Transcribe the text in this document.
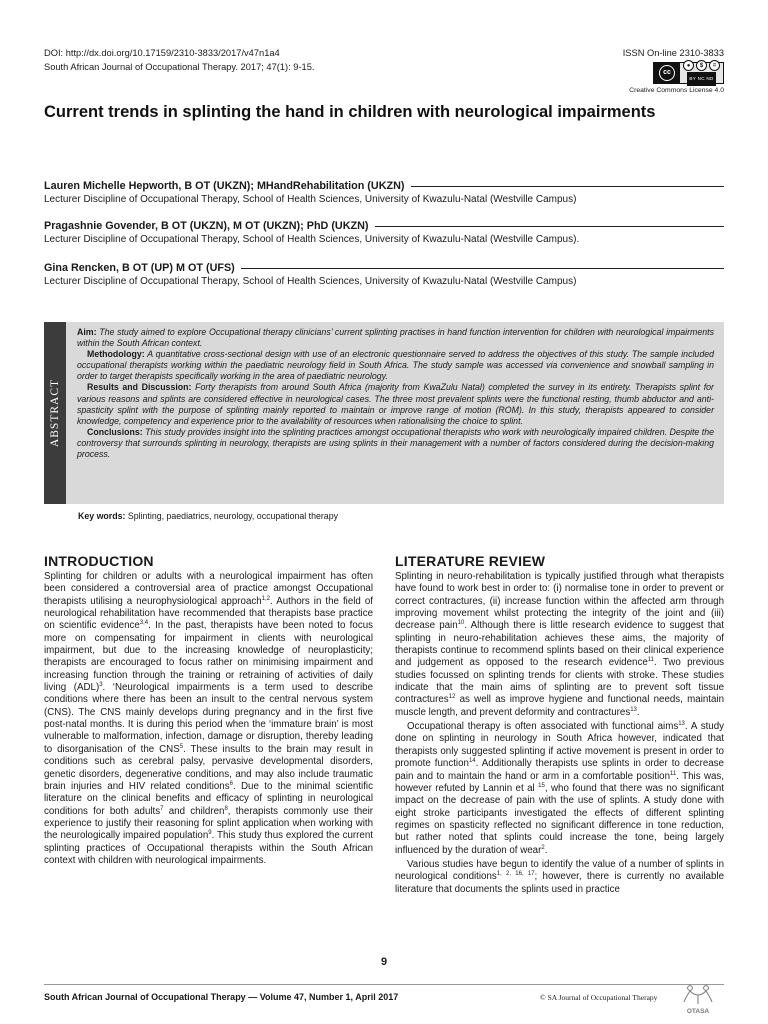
DOI: http://dx.doi.org/10.17159/2310-3833/2017/v47n1a4
South African Journal of Occupational Therapy. 2017; 47(1): 9-15.
ISSN On-line 2310-3833
cc
●	$	=
BY NC ND
Creative Commons License 4.0
Current trends in splinting the hand in children with neurological impairments
Lauren Michelle Hepworth, B OT (UKZN); MHandRehabilitation (UKZN)
Lecturer Discipline of Occupational Therapy, School of Health Sciences, University of Kwazulu-Natal (Westville Campus)
Pragashnie Govender, B OT (UKZN), M OT (UKZN); PhD (UKZN)
Lecturer Discipline of Occupational Therapy, School of Health Sciences, University of Kwazulu-Natal (Westville Campus).
Gina Rencken, B OT (UP) M OT (UFS)
Lecturer Discipline of Occupational Therapy, School of Health Sciences, University of Kwazulu-Natal (Westville Campus)
ABSTRACT

Aim: The study aimed to explore Occupational therapy clinicians’ current splinting practises in hand function intervention for children with neurological impairments within the South African context.

Methodology: A quantitative cross-sectional design with use of an electronic questionnaire served to address the objectives of this study. The sample included occupational therapists working within the paediatric neurology field in South Africa. The study sample was accessed via convenience and snowball sampling in order to target therapists specifically working in the area of paediatric neurology.

Results and Discussion: Forty therapists from around South Africa (majority from KwaZulu Natal) completed the survey in its entirety. Therapists splint for various reasons and splints are considered effective in neurological cases. The three most prevalent splints were the functional resting, thumb abductor and anti-spasticity splint with the purpose of splinting mainly reported to maintain or improve range of motion (ROM). In this study, therapists appeared to consider knowledge, competency and experience prior to the availability of resources when rationalising the choice to splint.

Conclusions: This study provides insight into the splinting practices amongst occupational therapists who work with neurologically impaired children. Despite the controversy that surrounds splinting in neurology, therapists are using splints in their management with a number of factors considered during the decision-making process.

Key words: Splinting, paediatrics, neurology, occupational therapy
INTRODUCTION

Splinting for children or adults with a neurological impairment has often been considered a controversial area of practice amongst Occupational therapists utilising a neurophysiological approach$^{1,2}$. Authors in the field of neurological rehabilitation have recommended that therapists base practice on scientific evidence$^{3,4}$. In the past, therapists have been noted to focus more on compensating for impairment in clients with neurological impairment, but due to the increasing knowledge of neuroplasticity; therapists are encouraged to focus rather on minimising impairment and increasing function through the training or retraining of activities of daily living (ADL)$^3$. ‘Neurological impairments is a term used to describe conditions where there has been an insult to the central nervous system (CNS). The CNS mainly develops during pregnancy and in the first five post-natal months. It is during this period when the ‘immature brain’ is most vulnerable to malformation, infection, damage or disruption, thereby leading to disorganisation of the CNS$^5$. These insults to the brain may result in conditions such as cerebral palsy, pervasive developmental disorders, genetic disorders, degenerative conditions, and may also include traumatic brain injuries and HIV related conditions$^6$. Due to the minimal scientific literature on the clinical benefits and efficacy of splinting in neurological conditions for both adults$^7$ and children$^8$, therapists commonly use their experience to justify their reasoning for splint application when working with the neurologically impaired population$^9$. This study thus explored the current splinting practices of Occupational therapists within the South African context with children with neurological impairments.

LITERATURE REVIEW

Splinting in neuro-rehabilitation is typically justified through what therapists have found to work best in order to: (i) normalise tone in order to prevent or correct contractures, (ii) increase function within the affected arm through improving movement whilst protecting the integrity of the joint and (iii) decrease pain$^{10}$. Although there is little research evidence to suggest that splinting in neuro-rehabilitation achieves these aims, the majority of therapists continue to recommend splints based on their clinical experience and judgement as opposed to the research evidence$^{11}$. Two previous studies focussed on splinting trends for clients with stroke. These studies indicate that the main aims of splinting are to prevent soft tissue contractures$^{12}$ as well as improve hygiene and functional needs, maintain muscle length, and prevent deformity and contractures$^{13}$.

Occupational therapy is often associated with functional aims$^{13}$. A study done on splinting in neurology in South Africa however, indicated that therapists only suggested splinting if active movement is present in order to promote function$^{14}$. Additionally therapists use splints in order to decrease pain and to maintain the hand or arm in a comfortable position$^{11}$. This was, however refuted by Lannin et al $^{15}$, who found that there was no significant impact on the decrease of pain with the use of splints. A study done with eight stroke participants investigated the effects of different splinting regimes on spasticity reflected no significant difference in tone reduction, but rather noted that splints could increase the tone, being largely influenced by the duration of wear$^2$.

Various studies have begun to identify the value of a number of splints in neurological conditions$^{1, 2, 16, 17}$; however, there is currently no available literature that documents the splints used in practice

9
South African Journal of Occupational Therapy — Volume 47, Number 1, April 2017	© SA Journal of Occupational Therapy
OTASA
